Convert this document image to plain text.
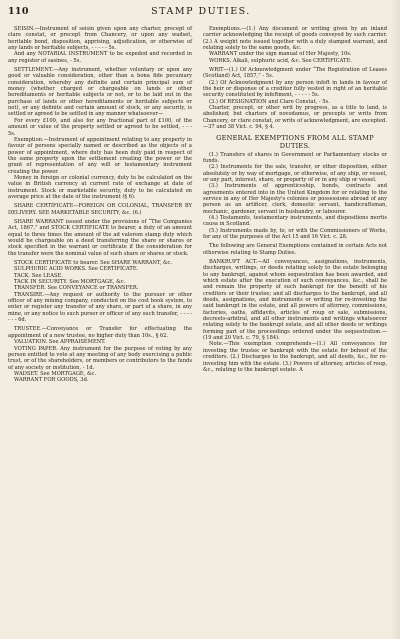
110	STAMP DUTIES.

SEISIN.—Instrument of seisin given upon any charter, precept of clare constat, or precept from Chancery, or upon any wadset, heritable bond, disposition, apprising, adjudication, or otherwise of any lands or heritable subjects, - - - - - 5s.

And any NOTARIAL INSTRUMENT to be expeded and recorded in any register of sasines, - 5s.

SETTLEMENT.—Any instrument, whether voluntary or upon any good or valuable consideration, other than a bona fide pecuniary consideration, whereby any definite and certain principal sum of money (whether charged or chargeable on lands or other hereditaments or heritable subjects or not, or to be laid out in the purchase of lands or other hereditaments or heritable subjects or not), or any definite and certain amount of stock, or any security, is settled or agreed to be settled in any manner whatsoever—

For every £100, and also for any fractional part of £100, of the amount or value of the property settled or agreed to be settled, - - - 5s.

Exemption.—Instrument of appointment relating to any property in favour of persons specially named or described as the objects of a power of appointment, where duty has been duly paid in respect of the same property upon the settlement creating the power or the grant of representation of any will or testamentary instrument creating the power.

Money in foreign or colonial currency, duty to be calculated on the value in British currency at current rate of exchange at date of instrument. Stock or marketable security, duty to be calculated on average price at the date of the instrument (§ 6).

SHARE CERTIFICATE—FOREIGN OR COLONIAL, TRANSFER BY DELIVERY. SEE MARKETABLE SECURITY, &c. (6.)

SHARE WARRANT issued under the provisions of “The Companies Act, 1867,” and STOCK CERTIFICATE to bearer, a duty of an amount equal to three times the amount of the ad valorem stamp duty which would be chargeable on a deed transferring the share or shares or stock specified in the warrant or certificate if the consideration for the transfer were the nominal value of such share or shares or stock.

STOCK CERTIFICATE to bearer. See SHARE WARRANT, &c.

SULPHURIC ACID WORKS. See CERTIFICATE.

TACK. See LEASE.

TACK IN SECURITY. See MORTGAGE, &c.

TRANSFER. See CONVEYANCE or TRANSFER.

TRANSIRE.—Any request or authority to the pursuer or other officer of any mining company, conducted on the cost book system, to enter or register any transfer of any share, or part of a share, in any mine, or any notice to such purser or officer of any such transfer, - - - - - - - 6d.

TRUSTEE.—Conveyance or Transfer for effectuating the appointment of a new trustee, no higher duty than 10s., § 62.

VALUATION. See APPRAISEMENT.

VOTING PAPER. Any instrument for the purpose of voting by any person entitled to vote at any meeting of any body exercising a public trust, or of the shareholders, or members or contributors to the funds of any society or institution, - 1d.

WADSET. See MORTGAGE, &c.

WARRANT FOR GOODS, 3d.

Exemptions.—(1.) Any document or writing given by an inland carrier acknowledging the receipt of goods conveyed by such carrier. (2.) A weight note issued together with a duly stamped warrant, and relating solely to the same goods, &c.

WARRANT under the sign manual of Her Majesty, 10s.

WORKS. Alkali, sulphuric acid, &c. See CERTIFICATE.

WRIT—(1.) Of Acknowledgment under “The Registration of Leases (Scotland) Act, 1857,” - 5s.

(2.) Of Acknowledgment by any person infeft in lands in favour of the heir or disponee of a creditor fully vested in right of an heritable security constituted by infeftment, - - - - - 5s.

(3.) Of RESIGNATION and Clare Constat, - 5s.

Charter, precept, or other writ by progress, as a title to land, is abolished; but charters of novodamus, or precepts or writs from Chancery, or clare constat, or writs of acknowledgment, are excepted.—37 and 38 Vict. c. 94, § 4.

GENERAL EXEMPTIONS FROM ALL STAMP DUTIES.

(1.) Transfers of shares in Government or Parliamentary stocks or funds.

(2.) Instruments for the sale, transfer, or other disposition, either absolutely or by way of mortgage, or otherwise, of any ship, or vessel, or any part, interest, share, or property of or in any ship or vessel.

(3.) Instruments of apprenticeship, bonds, contracts and agreements entered into in the United Kingdom for or relating to the service in any of Her Majesty's colonies or possessions abroad of any person as an artificer, clerk, domestic servant, handicraftsman, mechanic, gardener, servant in husbandry, or labourer.

(4.) Testaments, testamentary instruments, and dispositions mortis causa in Scotland.

(5.) Instruments made by, to, or with the Commissioners of Works, for any of the purposes of the Act 15 and 16 Vict. c. 28.

The following are General Exemptions contained in certain Acts not otherwise relating to Stamp Duties.

BANKRUPT ACT.—All conveyances, assignations, instruments, discharges, writings, or deeds relating solely to the estate belonging to any bankrupt, against whom sequestration has been awarded, and which estate after the execution of such conveyances, &c., shall be and remain the property of such bankrupt for the benefit of his creditors or their trustee; and all discharges to the bankrupt, and all deeds, assignations, and instruments or writing for re-investing the said bankrupt in the estate, and all powers of attorney, commissions, factories, oaths, affidavits, articles of roup or sale, submissions, decreets-arbitral, and all other instruments and writings whatsoever relating solely to the bankrupt estate, and all other deeds or writings forming part of the proceedings ordered under the sequestration.—(19 and 20 Vict. c. 79, § 184).

Note.—This exemption comprehends—(1.) All conveyances for investing the trustee or bankrupt with the estate for behoof of the creditors. (2.) Discharges to the bankrupt, and all deeds, &c., for re-investing him with the estate. (3.) Powers of attorney, articles of roup, &c., relating to the bankrupt estate. A
